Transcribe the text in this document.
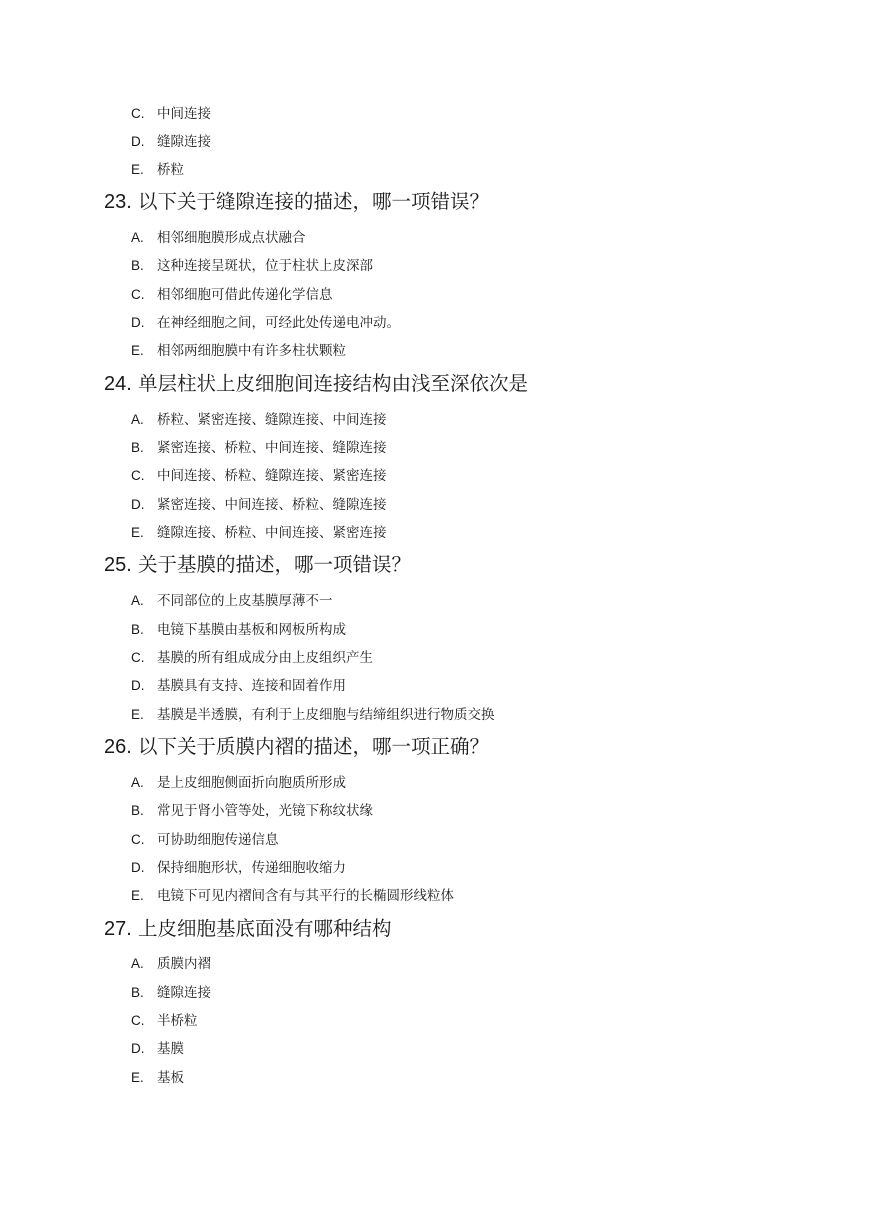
C. 中间连接
D. 缝隙连接
E. 桥粒
23. 以下关于缝隙连接的描述，哪一项错误？
A. 相邻细胞膜形成点状融合
B. 这种连接呈斑状，位于柱状上皮深部
C. 相邻细胞可借此传递化学信息
D. 在神经细胞之间，可经此处传递电冲动。
E. 相邻两细胞膜中有许多柱状颗粒
24. 单层柱状上皮细胞间连接结构由浅至深依次是
A. 桥粒、紧密连接、缝隙连接、中间连接
B. 紧密连接、桥粒、中间连接、缝隙连接
C. 中间连接、桥粒、缝隙连接、紧密连接
D. 紧密连接、中间连接、桥粒、缝隙连接
E. 缝隙连接、桥粒、中间连接、紧密连接
25. 关于基膜的描述，哪一项错误？
A. 不同部位的上皮基膜厚薄不一
B. 电镜下基膜由基板和网板所构成
C. 基膜的所有组成成分由上皮组织产生
D. 基膜具有支持、连接和固着作用
E. 基膜是半透膜，有利于上皮细胞与结缔组织进行物质交换
26. 以下关于质膜内褶的描述，哪一项正确？
A. 是上皮细胞侧面折向胞质所形成
B. 常见于肾小管等处，光镜下称纹状缘
C. 可协助细胞传递信息
D. 保持细胞形状，传递细胞收缩力
E. 电镜下可见内褶间含有与其平行的长椭圆形线粒体
27. 上皮细胞基底面没有哪种结构
A. 质膜内褶
B. 缝隙连接
C. 半桥粒
D. 基膜
E. 基板
